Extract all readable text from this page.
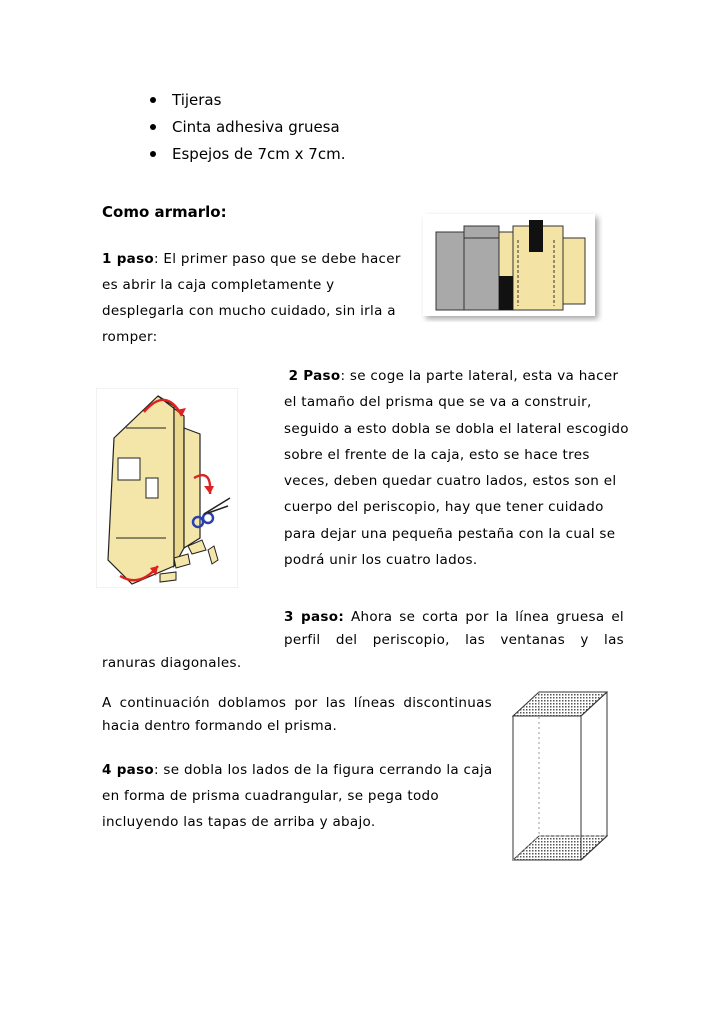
Tijeras
Cinta adhesiva gruesa
Espejos de 7cm x 7cm.
Como armarlo:
1 paso: El primer paso que se debe hacer es abrir la caja completamente y desplegarla con mucho cuidado, sin irla a romper:
2 Paso: se coge la parte lateral, esta va hacer el tamaño del prisma que se va a construir, seguido a esto dobla se dobla el lateral escogido sobre el frente de la caja, esto se hace tres veces, deben quedar cuatro lados, estos son el cuerpo del periscopio, hay que tener cuidado para dejar una pequeña pestaña con la cual se podrá unir los cuatro lados.
3 paso: Ahora se corta por la línea gruesa el perfil del periscopio, las ventanas y las
ranuras diagonales.
A continuación doblamos por las líneas discontinuas hacia dentro formando el prisma.
4 paso: se dobla los lados de la figura cerrando la caja en forma de prisma cuadrangular, se pega todo incluyendo las tapas de arriba y abajo.
